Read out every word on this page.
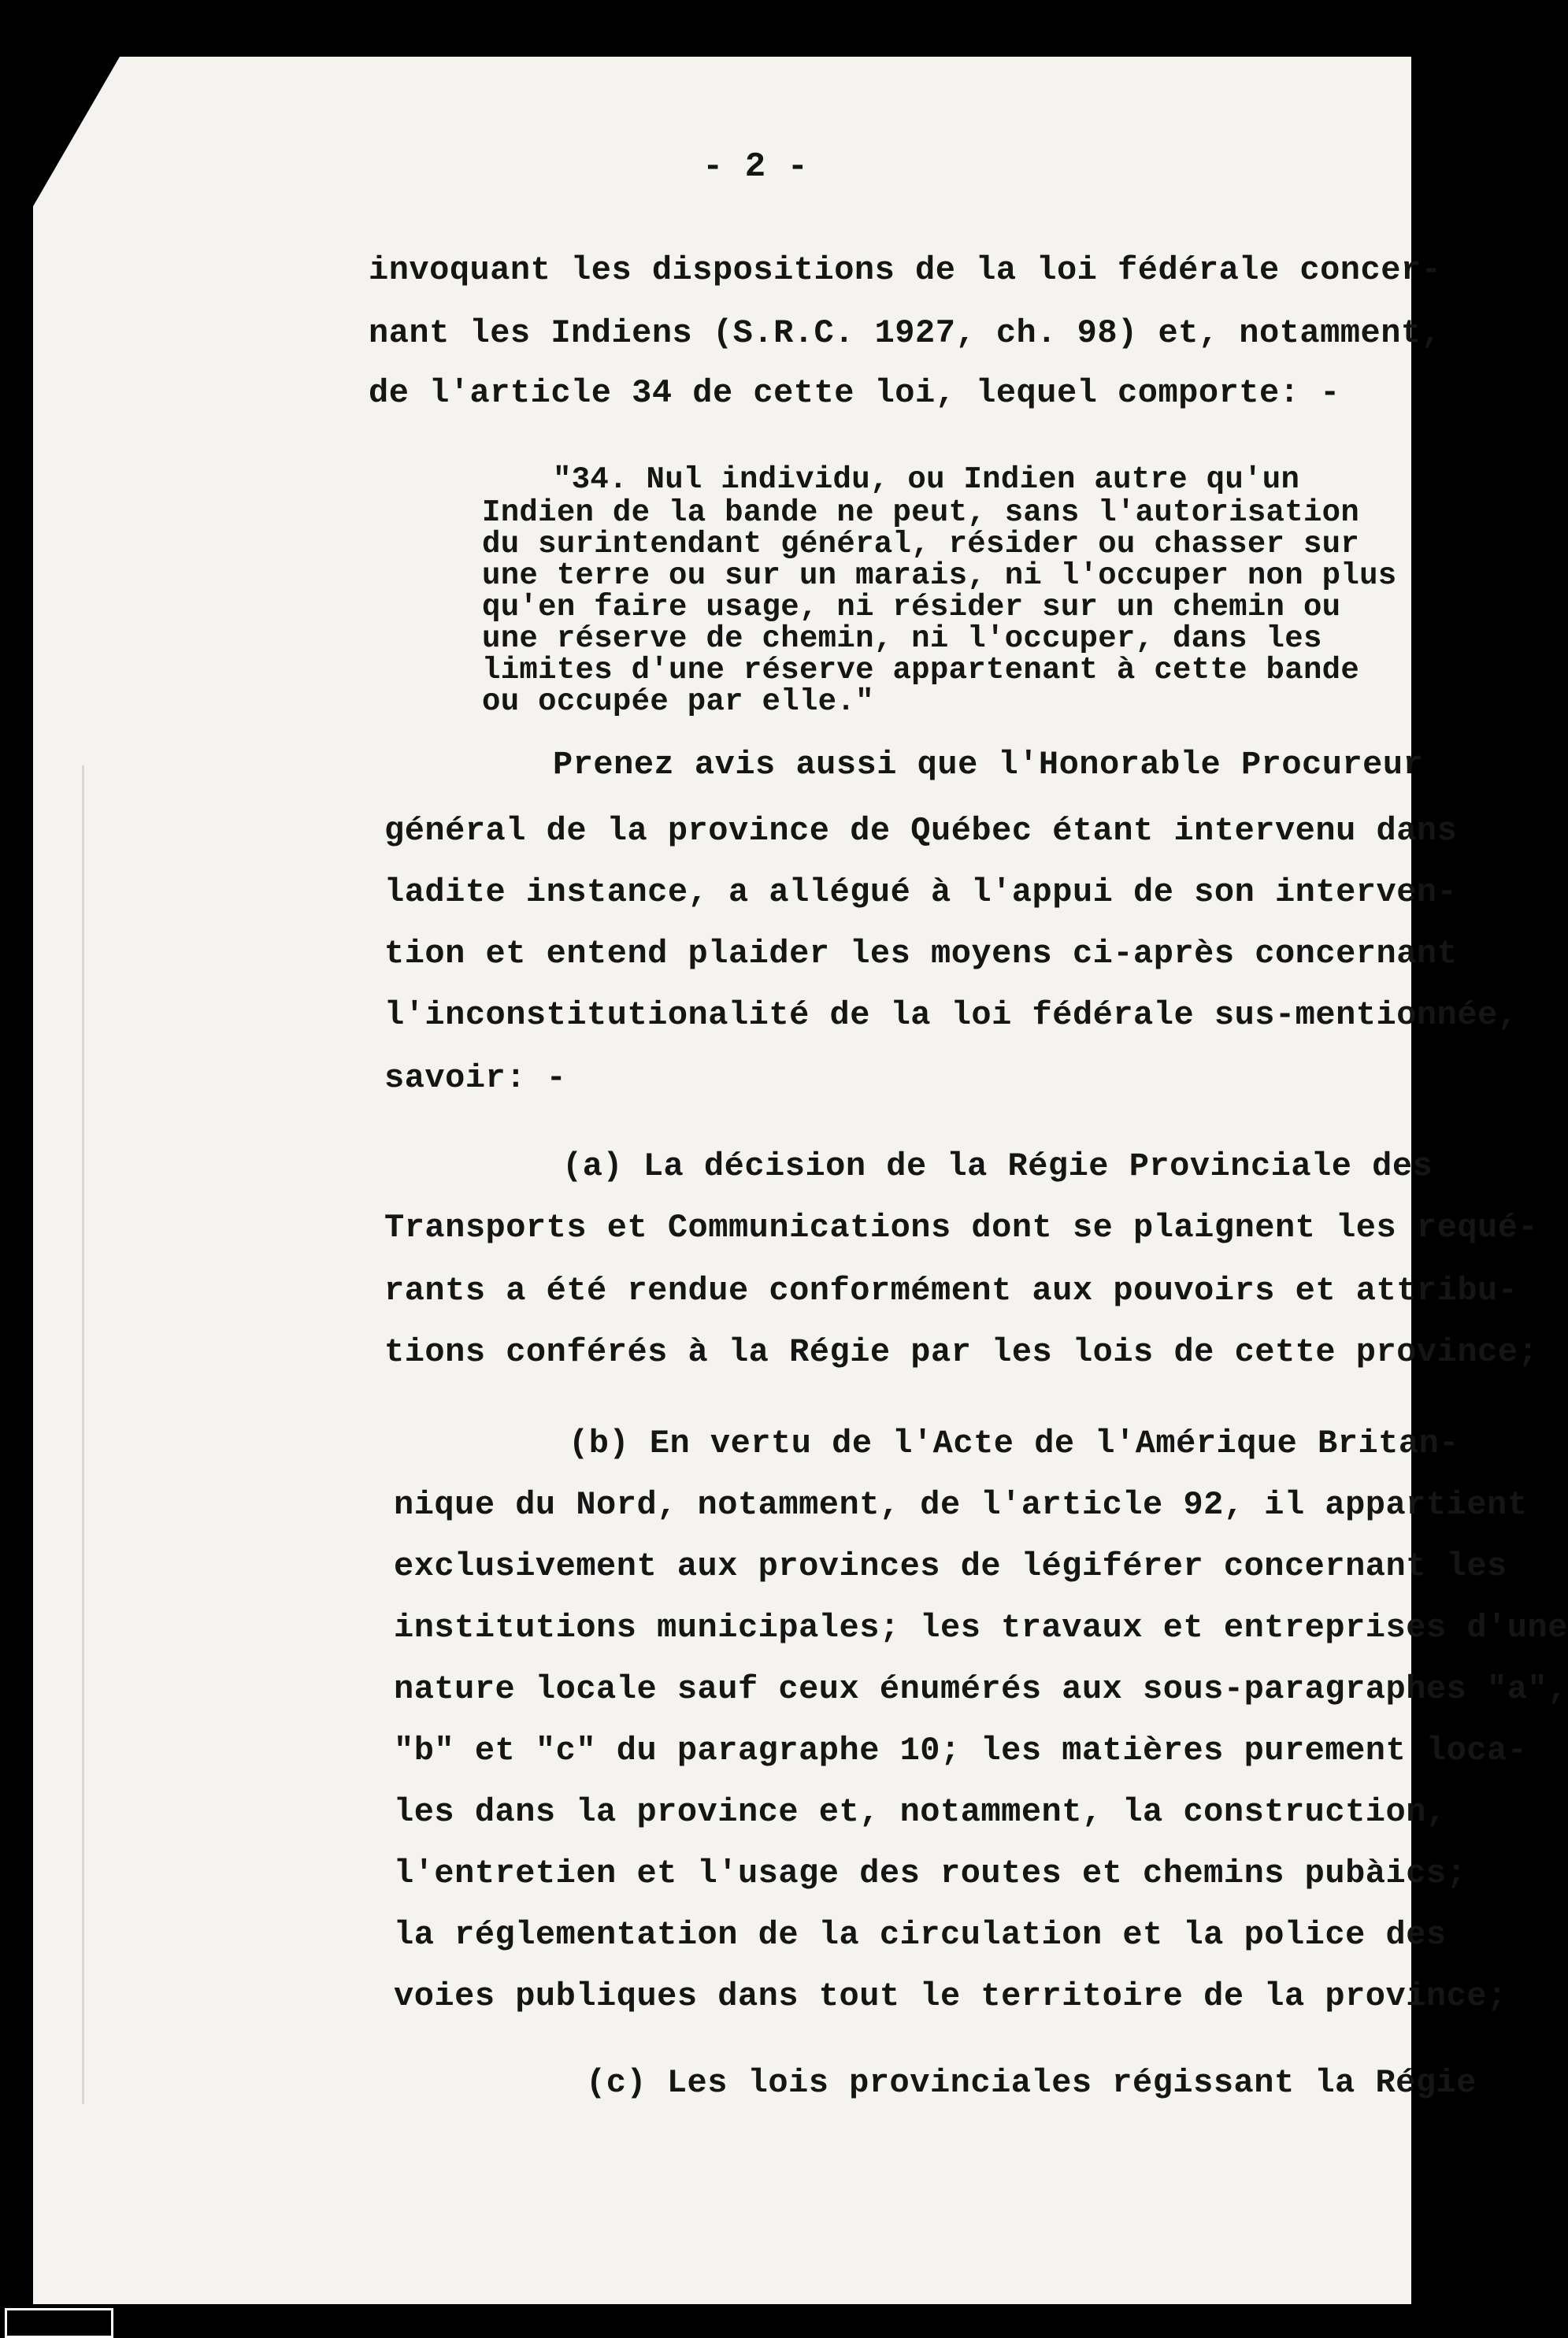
- 2 -
invoquant les dispositions de la loi fédérale concer-
nant les Indiens (S.R.C. 1927, ch. 98) et, notamment,
de l'article 34 de cette loi, lequel comporte: -
"34. Nul individu, ou Indien autre qu'un
Indien de la bande ne peut, sans l'autorisation
du surintendant général, résider ou chasser sur
une terre ou sur un marais, ni l'occuper non plus
qu'en faire usage, ni résider sur un chemin ou
une réserve de chemin, ni l'occuper, dans les
limites d'une réserve appartenant à cette bande
ou occupée par elle."
Prenez avis aussi que l'Honorable Procureur
général de la province de Québec étant intervenu dans
ladite instance, a allégué à l'appui de son interven-
tion et entend plaider les moyens ci-après concernant
l'inconstitutionalité de la loi fédérale sus-mentionnée,
savoir: -
(a) La décision de la Régie Provinciale des
Transports et Communications dont se plaignent les requé-
rants a été rendue conformément aux pouvoirs et attribu-
tions conférés à la Régie par les lois de cette province;
(b) En vertu de l'Acte de l'Amérique Britan-
nique du Nord, notamment, de l'article 92, il appartient
exclusivement aux provinces de légiférer concernant les
institutions municipales; les travaux et entreprises d'une
nature locale sauf ceux énumérés aux sous-paragraphes "a",
"b" et "c" du paragraphe 10; les matières purement loca-
les dans la province et, notamment, la construction,
l'entretien et l'usage des routes et chemins pubàics;
la réglementation de la circulation et la police des
voies publiques dans tout le territoire de la province;
(c) Les lois provinciales régissant la Régie
